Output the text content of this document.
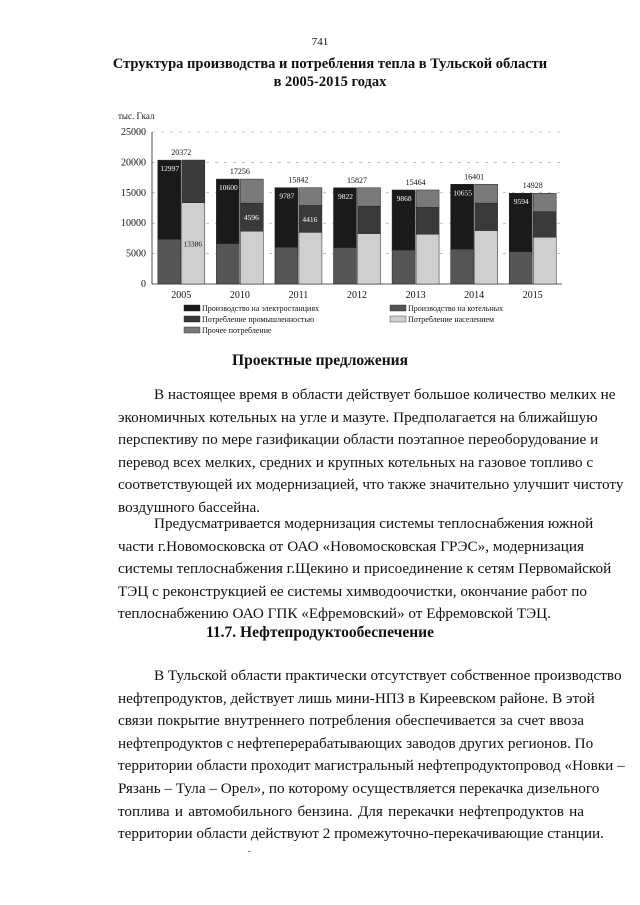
741
Структура производства и потребления тепла в Тульской области
в 2005-2015 годах
тыс. Гкал
0
5000
10000
15000
20000
25000
20372
2005
17256
2010
15842
2011
15827
2012
15464
2013
16401
2014
14928
2015
12997
13386
10600
4596
9787
4416
9822	9868
10655
9594
Производство на электростанциях	Производство на котельных
Потребление промышленностью	Потребление населением
Прочее потребление
Проектные предложения
В настоящее время в области действует большое количество мелких не
экономичных котельных на угле и мазуте. Предполагается на ближайшую
перспективу по мере газификации области поэтапное переоборудование и
перевод всех мелких, средних и крупных котельных на газовое топливо с
соответствующей их модернизацией, что также значительно улучшит чистоту
воздушного бассейна.
Предусматривается модернизация системы теплоснабжения южной
части г.Новомосковска от ОАО «Новомосковская ГРЭС», модернизация
системы теплоснабжения г.Щекино и присоединение к сетям Первомайской
ТЭЦ с реконструкцией ее системы химводоочистки, окончание работ по
теплоснабжению ОАО ГПК «Ефремовский» от Ефремовской ТЭЦ.
11.7. Нефтепродуктообеспечение
В Тульской области практически отсутствует собственное производство
нефтепродуктов, действует лишь мини-НПЗ в Киреевском районе. В этой
связи покрытие внутреннего потребления обеспечивается за счет ввоза
нефтепродуктов с нефтеперерабатывающих заводов других регионов. По
территории области проходит магистральный нефтепродуктопровод «Новки –
Рязань – Тула – Орел», по которому осуществляется перекачка дизельного
топлива и автомобильного бензина. Для перекачки нефтепродуктов на
территории области действуют 2 промежуточно-перекачивающие станции.
